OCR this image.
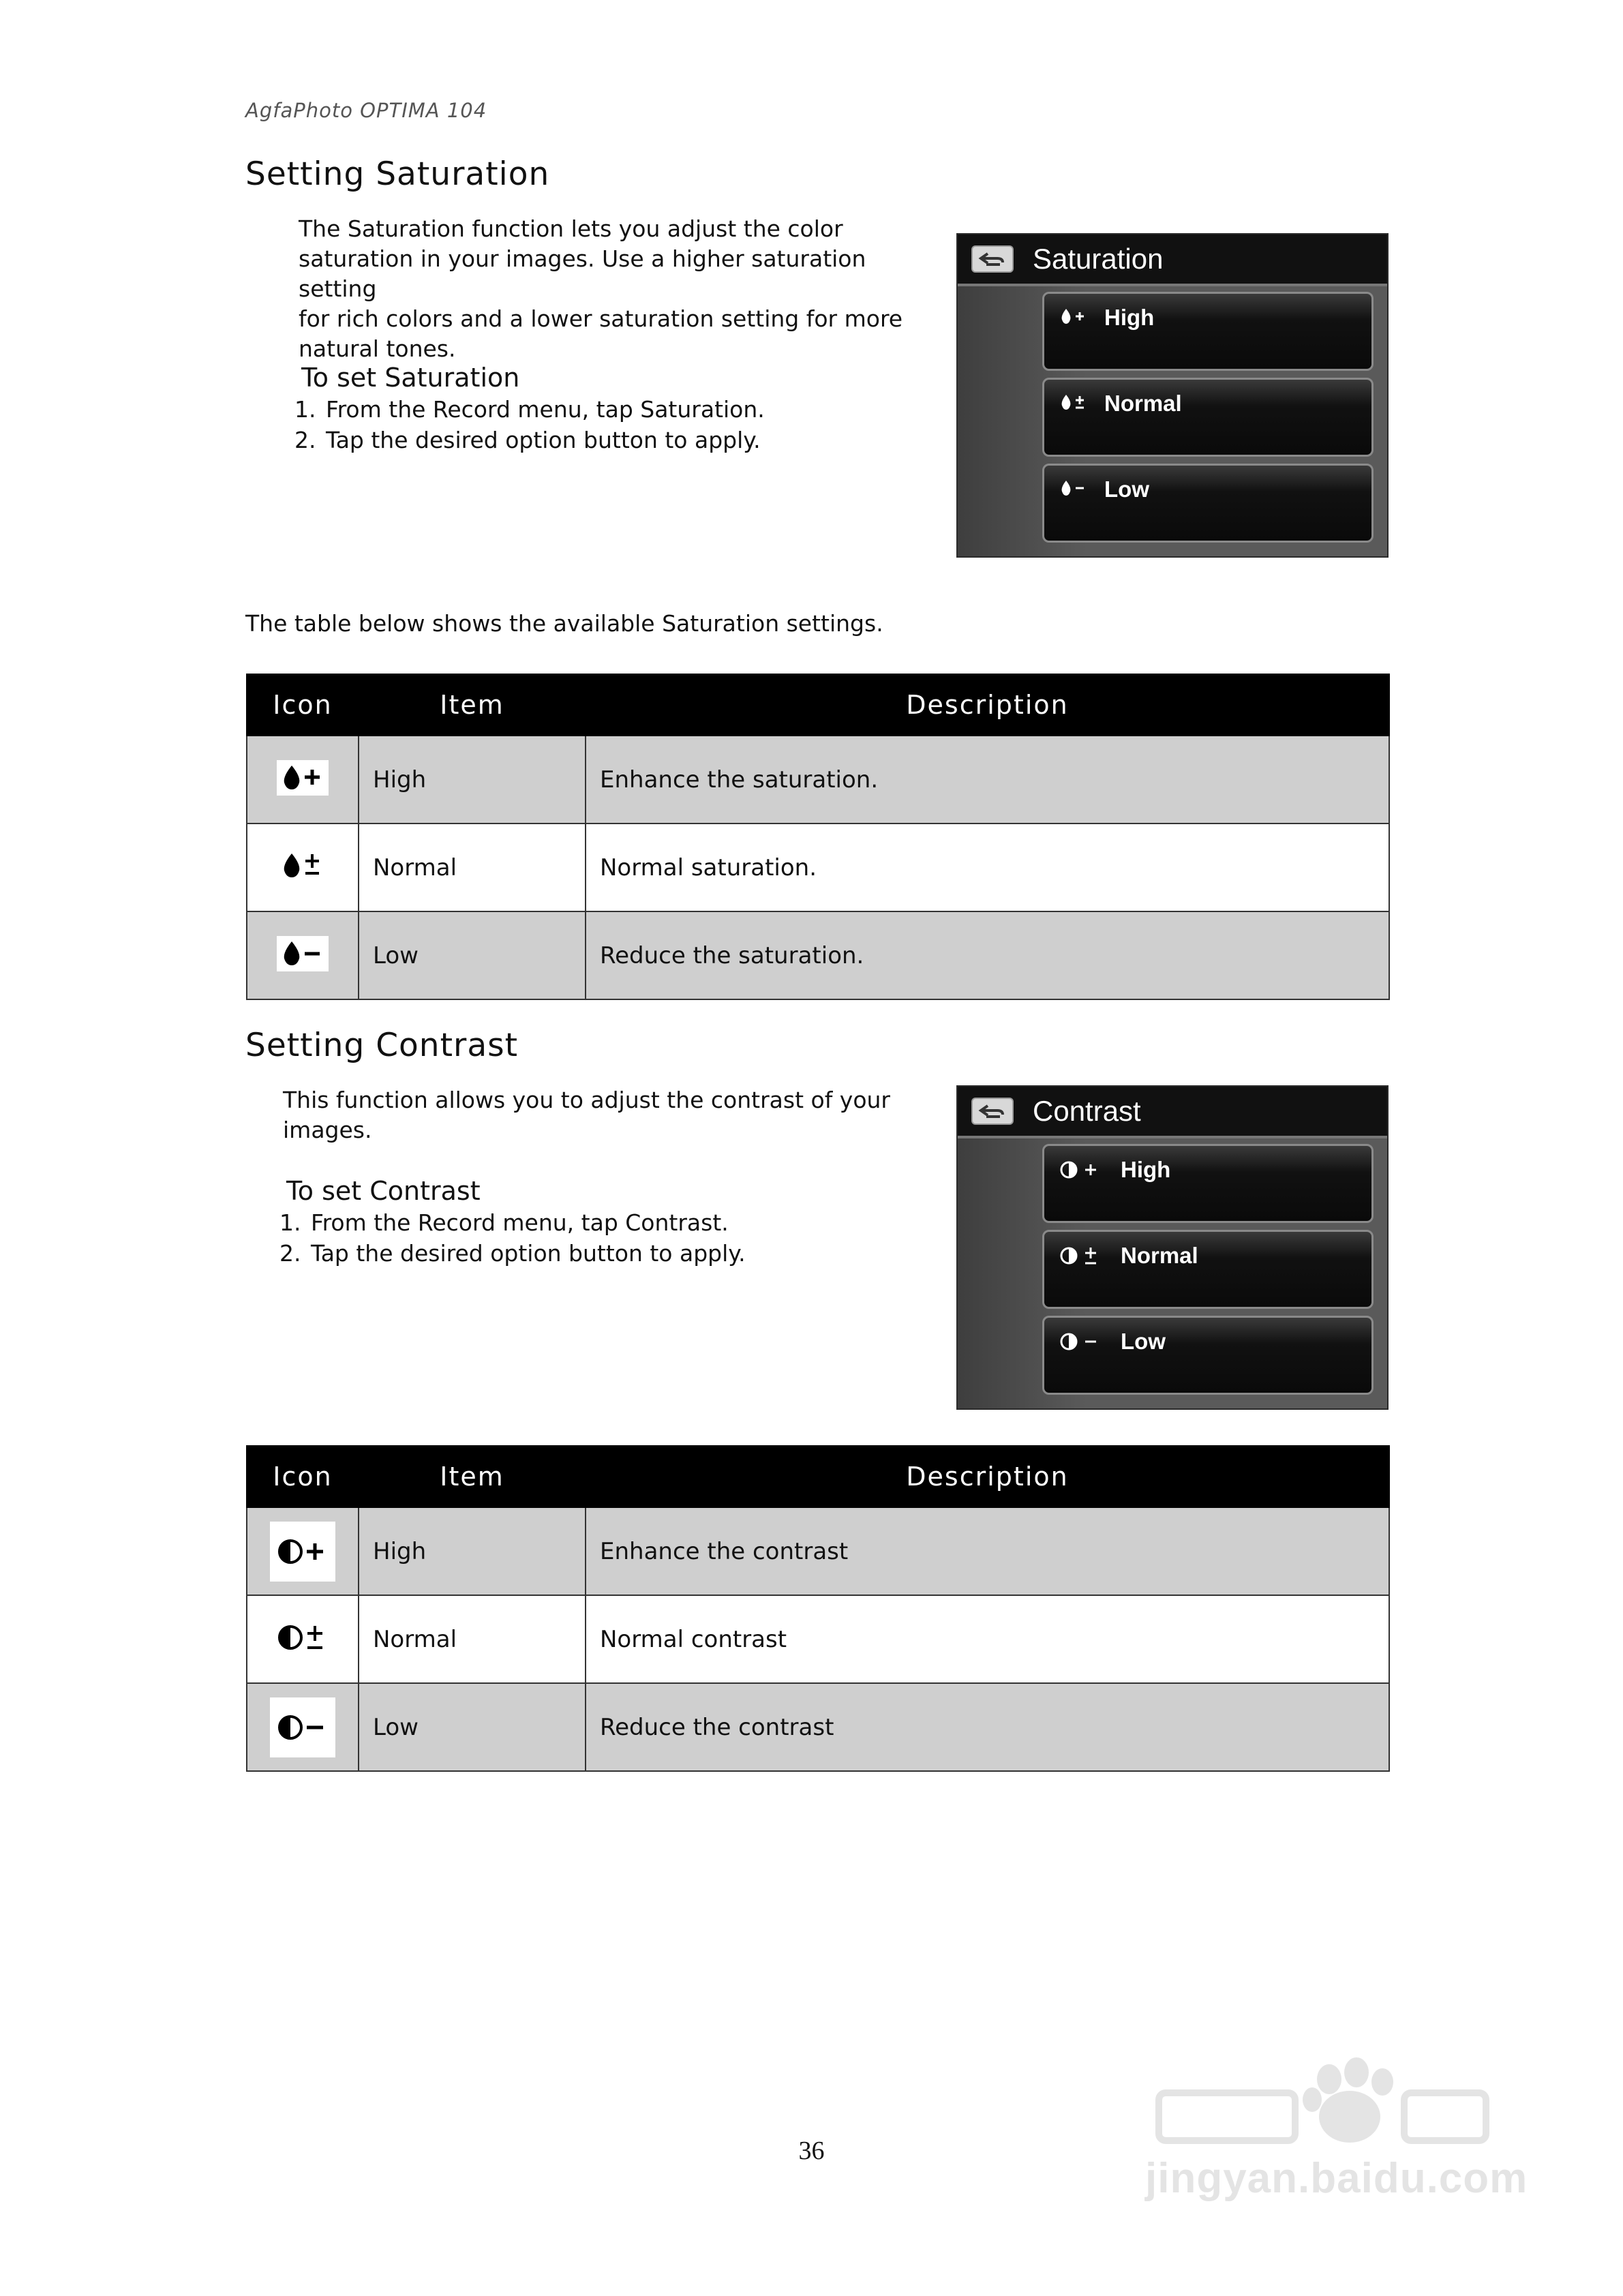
AgfaPhoto OPTIMA 104
Setting Saturation
The Saturation function lets you adjust the color
saturation in your images. Use a higher saturation setting
for rich colors and a lower saturation setting for more
natural tones.
To set Saturation
1. From the Record menu, tap Saturation.
2. Tap the desired option button to apply.
Saturation
High
Normal
Low
The table below shows the available Saturation settings.
Icon	Item	Description
	High	Enhance the saturation.
	Normal	Normal saturation.
	Low	Reduce the saturation.
Setting Contrast
This function allows you to adjust the contrast of your
images.
To set Contrast
1. From the Record menu, tap Contrast.
2. Tap the desired option button to apply.
Contrast
High
Normal
Low
Icon	Item	Description
	High	Enhance the contrast
	Normal	Normal contrast
	Low	Reduce the contrast
36
jingyan.baidu.com
